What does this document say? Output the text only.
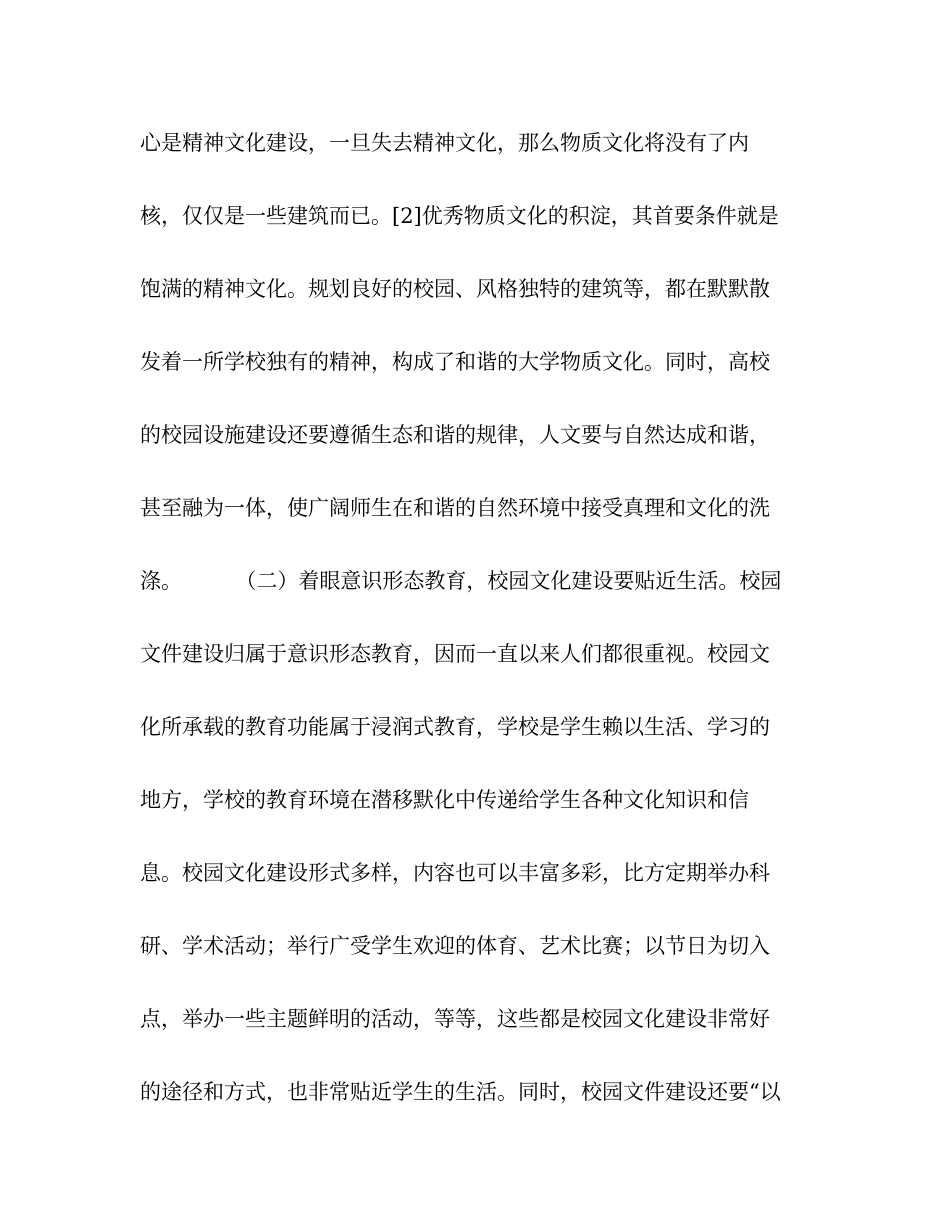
心是精神文化建设，一旦失去精神文化，那么物质文化将没有了内
核，仅仅是一些建筑而已。[2]优秀物质文化的积淀，其首要条件就是
饱满的精神文化。规划良好的校园、风格独特的建筑等，都在默默散
发着一所学校独有的精神，构成了和谐的大学物质文化。同时，高校
的校园设施建设还要遵循生态和谐的规律，人文要与自然达成和谐，
甚至融为一体，使广阔师生在和谐的自然环境中接受真理和文化的洗
涤。        （二）着眼意识形态教育，校园文化建设要贴近生活。校园
文件建设归属于意识形态教育，因而一直以来人们都很重视。校园文
化所承载的教育功能属于浸润式教育，学校是学生赖以生活、学习的
地方，学校的教育环境在潜移默化中传递给学生各种文化知识和信
息。校园文化建设形式多样，内容也可以丰富多彩，比方定期举办科
研、学术活动；举行广受学生欢迎的体育、艺术比赛；以节日为切入
点，举办一些主题鲜明的活动，等等，这些都是校园文化建设非常好
的途径和方式，也非常贴近学生的生活。同时，校园文件建设还要“以
